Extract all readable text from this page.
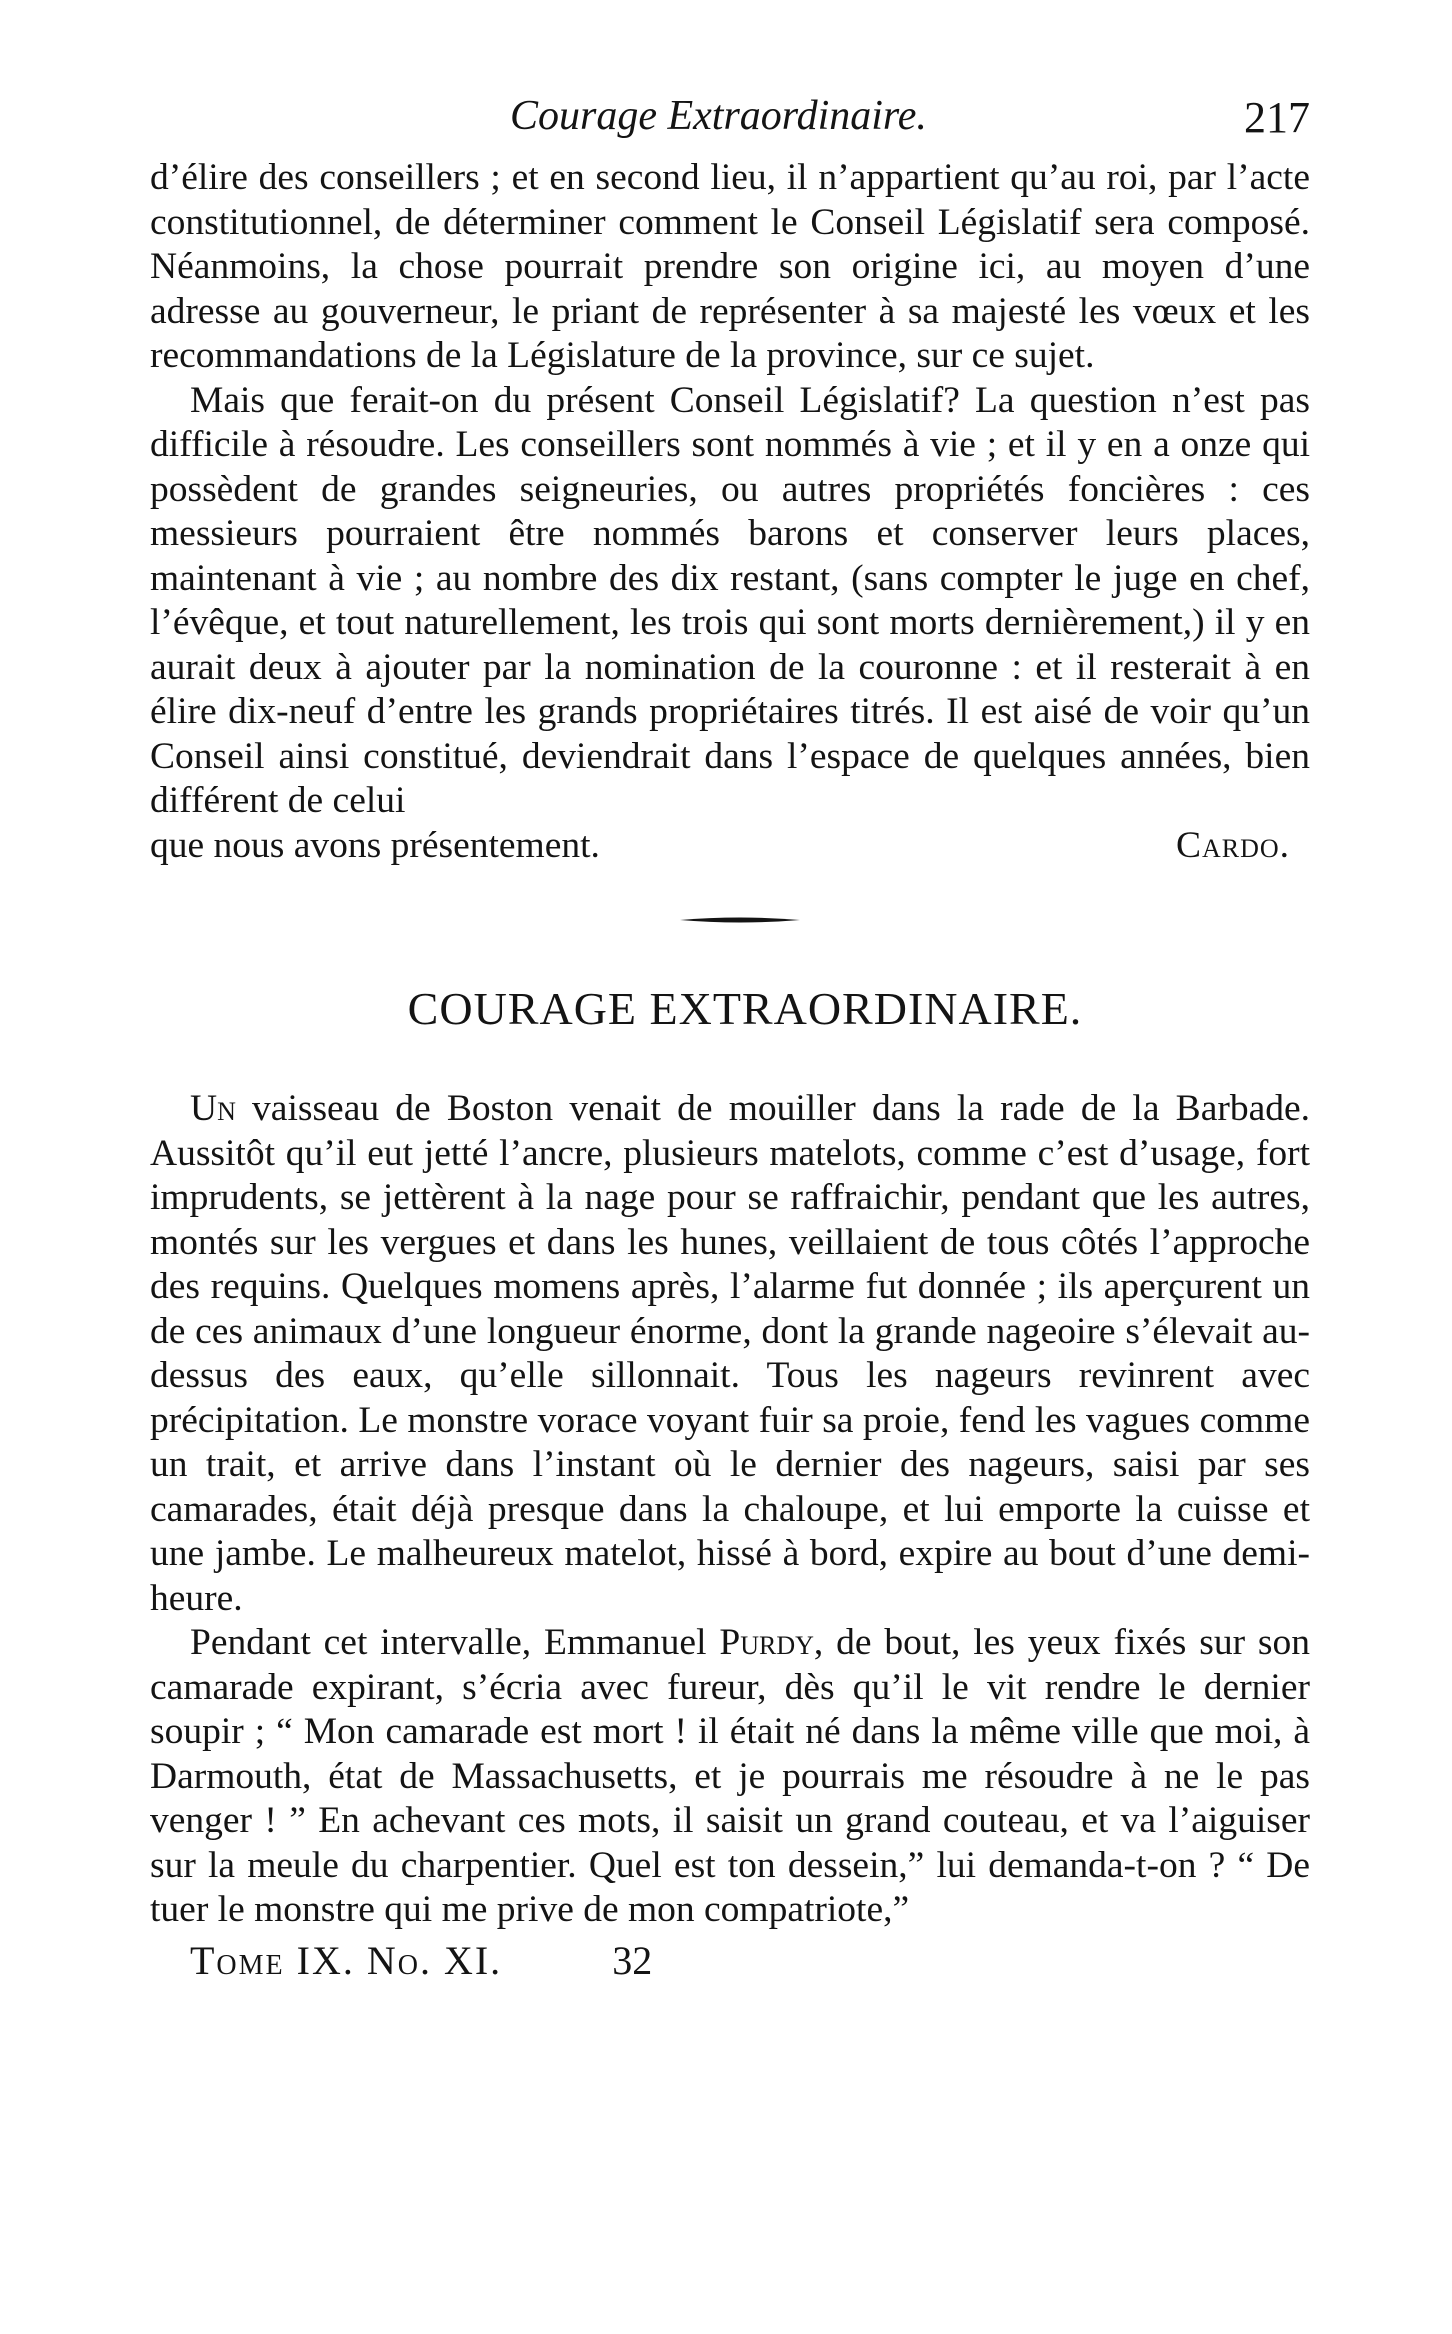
Courage Extraordinaire.	217

d’élire des conseillers ; et en second lieu, il n’appartient qu’au roi, par l’acte constitutionnel, de déterminer comment le Conseil Législatif sera composé. Néanmoins, la chose pourrait prendre son origine ici, au moyen d’une adresse au gouverneur, le priant de représenter à sa majesté les vœux et les recommandations de la Législature de la province, sur ce sujet.

Mais que ferait-on du présent Conseil Législatif? La question n’est pas difficile à résoudre. Les conseillers sont nommés à vie ; et il y en a onze qui possèdent de grandes seigneuries, ou autres propriétés foncières : ces messieurs pourraient être nommés barons et conserver leurs places, maintenant à vie ; au nombre des dix restant, (sans compter le juge en chef, l’évêque, et tout naturellement, les trois qui sont morts dernièrement,) il y en aurait deux à ajouter par la nomination de la couronne : et il resterait à en élire dix-neuf d’entre les grands propriétaires titrés. Il est aisé de voir qu’un Conseil ainsi constitué, deviendrait dans l’espace de quelques années, bien différent de celui

que nous avons présentement.	Cardo.
COURAGE EXTRAORDINAIRE.

Un vaisseau de Boston venait de mouiller dans la rade de la Barbade. Aussitôt qu’il eut jetté l’ancre, plusieurs matelots, comme c’est d’usage, fort imprudents, se jettèrent à la nage pour se raffraichir, pendant que les autres, montés sur les vergues et dans les hunes, veillaient de tous côtés l’approche des requins. Quelques momens après, l’alarme fut donnée ; ils aperçurent un de ces animaux d’une longueur énorme, dont la grande nageoire s’élevait au-dessus des eaux, qu’elle sillonnait. Tous les nageurs revinrent avec précipitation. Le monstre vorace voyant fuir sa proie, fend les vagues comme un trait, et arrive dans l’instant où le dernier des nageurs, saisi par ses camarades, était déjà presque dans la chaloupe, et lui emporte la cuisse et une jambe. Le malheureux matelot, hissé à bord, expire au bout d’une demi-heure.

Pendant cet intervalle, Emmanuel Purdy, de bout, les yeux fixés sur son camarade expirant, s’écria avec fureur, dès qu’il le vit rendre le dernier soupir ; “ Mon camarade est mort ! il était né dans la même ville que moi, à Darmouth, état de Massachusetts, et je pourrais me résoudre à ne le pas venger ! ” En achevant ces mots, il saisit un grand couteau, et va l’aiguiser sur la meule du charpentier. Quel est ton dessein,” lui demanda-t-on ? “ De tuer le monstre qui me prive de mon compatriote,”

Tome IX. No. XI.	32
